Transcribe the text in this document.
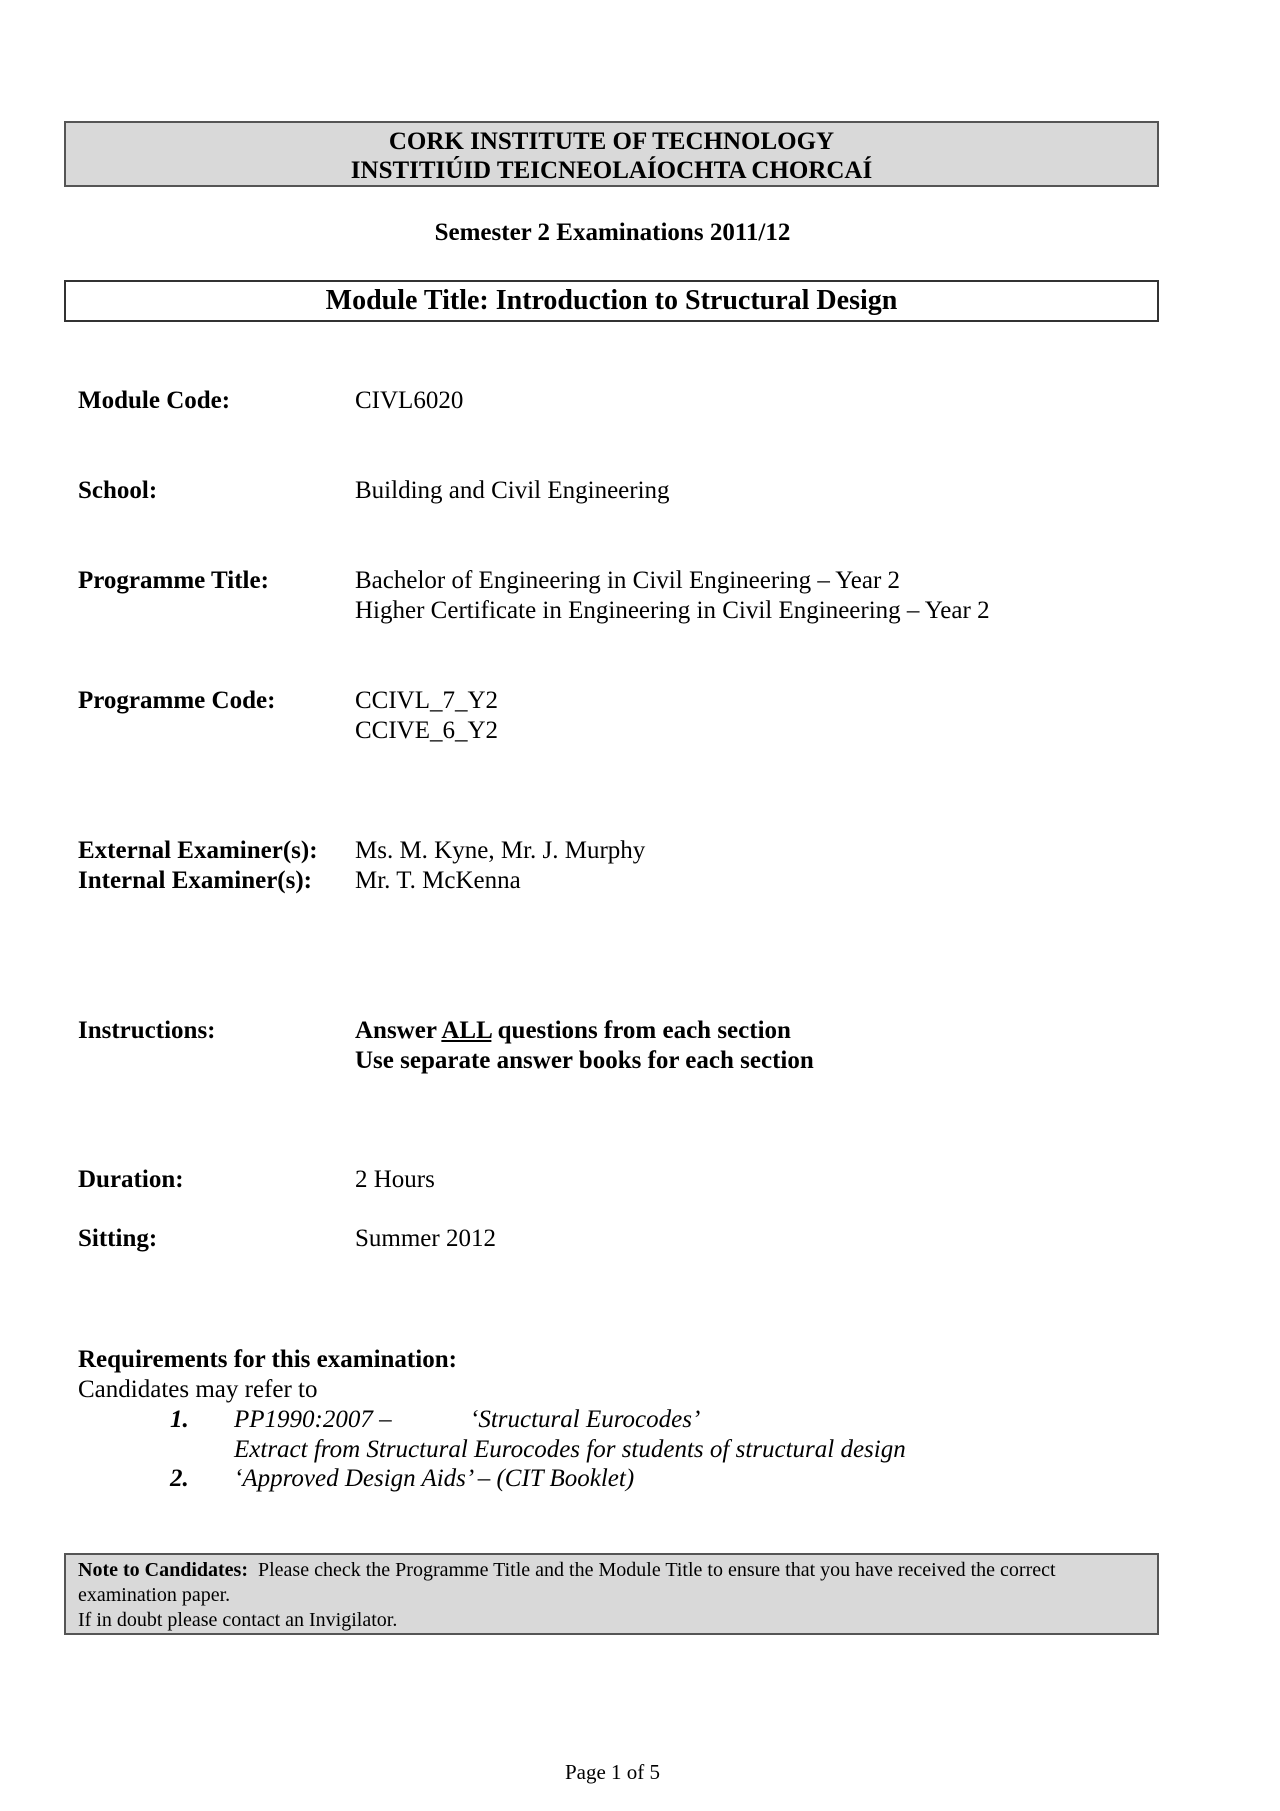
CORK INSTITUTE OF TECHNOLOGY
INSTITIÚID TEICNEOLAÍOCHTA CHORCAÍ
Semester 2 Examinations 2011/12
Module Title: Introduction to Structural Design
Module Code:	CIVL6020
School:	Building and Civil Engineering
Programme Title:	Bachelor of Engineering in Civil Engineering – Year 2
Higher Certificate in Engineering in Civil Engineering – Year 2
Programme Code:	CCIVL_7_Y2
CCIVE_6_Y2
External Examiner(s): Ms. M. Kyne, Mr. J. Murphy
Internal Examiner(s): Mr. T. McKenna
Instructions:	Answer ALL questions from each section
Use separate answer books for each section
Duration:	2 Hours
Sitting:	Summer 2012
Requirements for this examination:
Candidates may refer to
1. PP1990:2007 –	‘Structural Eurocodes’
Extract from Structural Eurocodes for students of structural design
2. ‘Approved Design Aids’ – (CIT Booklet)
Note to Candidates: Please check the Programme Title and the Module Title to ensure that you have received the correct examination paper.
If in doubt please contact an Invigilator.
Page 1 of 5
